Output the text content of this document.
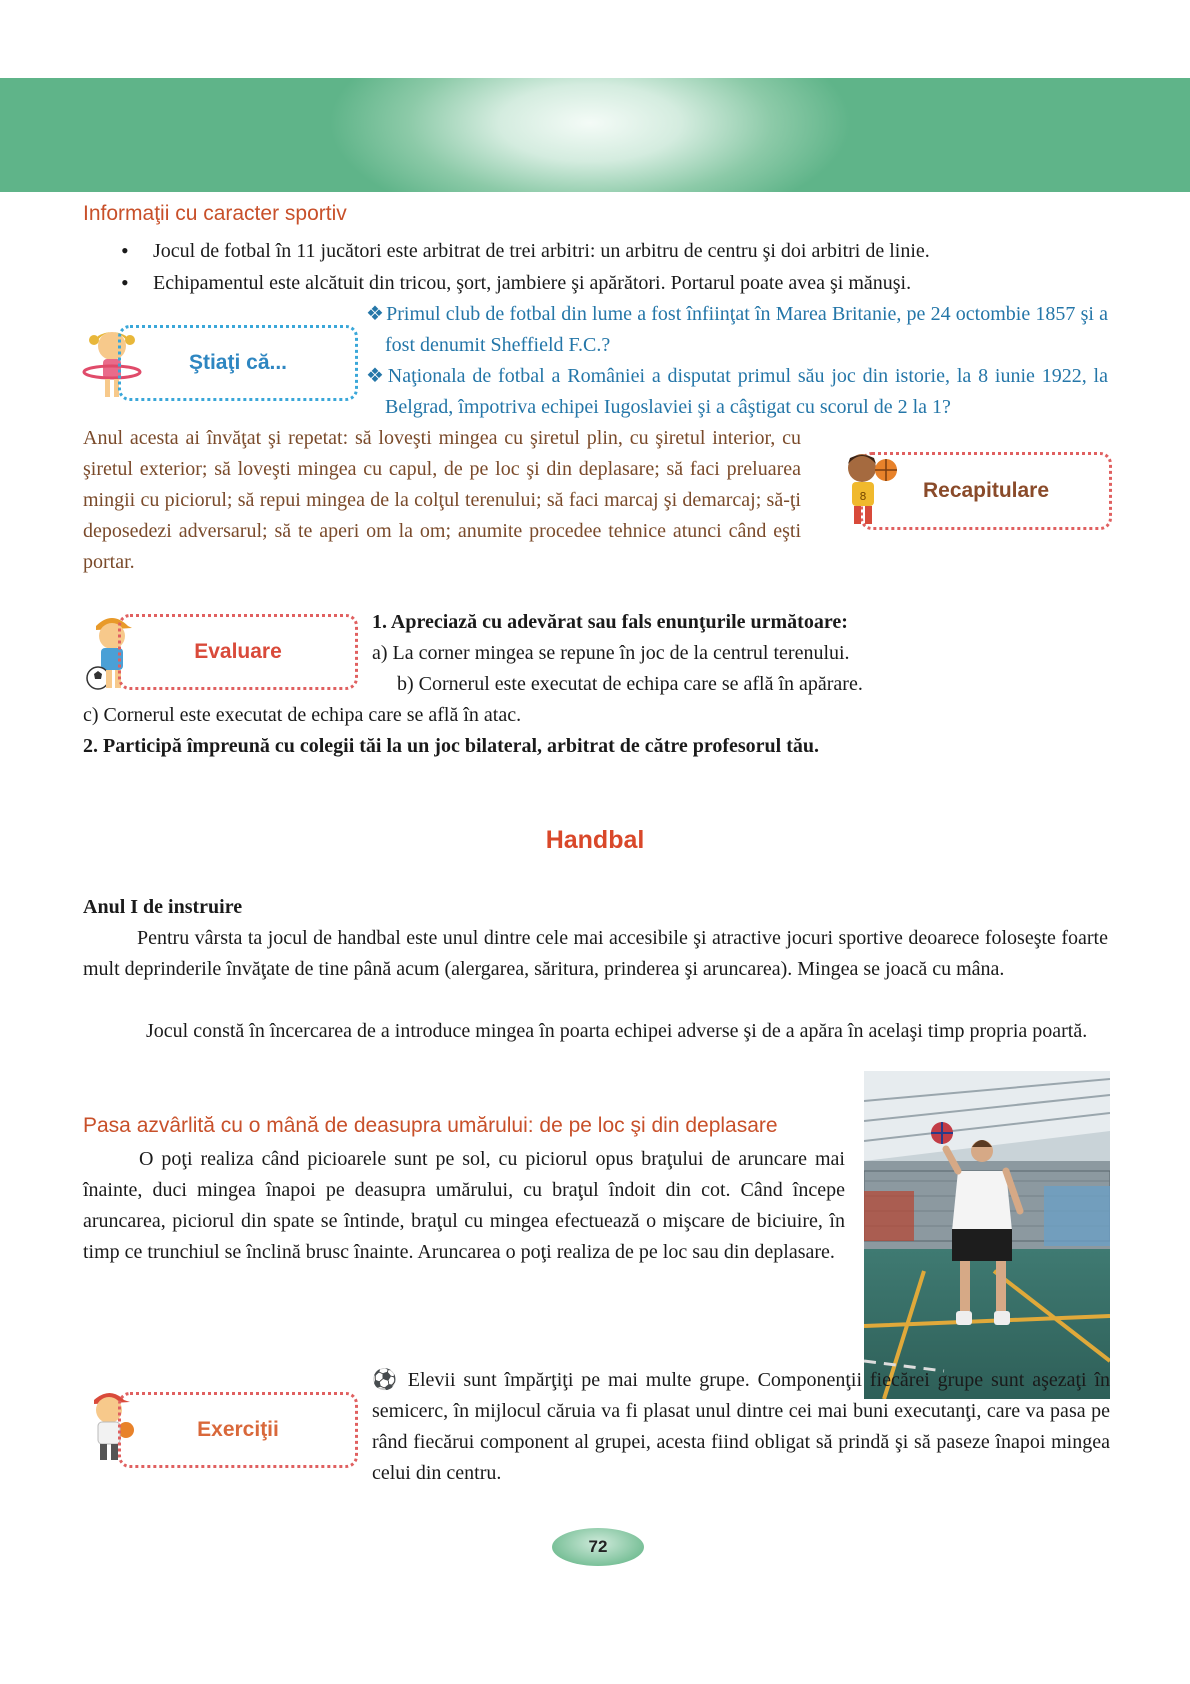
Informaţii cu caracter sportiv
• Jocul de fotbal în 11 jucători este arbitrat de trei arbitri: un arbitru de centru şi doi arbitri de linie.
• Echipamentul este alcătuit din tricou, şort, jambiere şi apărători. Portarul poate avea şi mănuşi.
Ştiaţi că...
❖ Primul club de fotbal din lume a fost înfiinţat în Marea Britanie, pe 24 octombie 1857 şi a fost denumit Sheffield F.C.?
❖ Naţionala de fotbal a României a disputat primul său joc din istorie, la 8 iunie 1922, la Belgrad, împotriva echipei Iugoslaviei şi a câştigat cu scorul de 2 la 1?
Anul acesta ai învăţat şi repetat: să loveşti mingea cu şiretul plin, cu şiretul interior, cu şiretul exterior; să loveşti mingea cu capul, de pe loc şi din deplasare; să faci preluarea mingii cu piciorul; să repui mingea de la colţul terenului; să faci marcaj şi demarcaj; să-ţi deposedezi adversarul; să te aperi om la om; anumite procedee tehnice atunci când eşti portar.
Recapitulare
8
Evaluare
1. Apreciază cu adevărat sau fals enunţurile următoare:
a) La corner mingea se repune în joc de la centrul terenului.
b) Cornerul este executat de echipa care se află în apărare.
c) Cornerul este executat de echipa care se află în atac.
2. Participă împreună cu colegii tăi la un joc bilateral, arbitrat de către profesorul tău.
Handbal
Anul I de instruire
Pentru vârsta ta jocul de handbal este unul dintre cele mai accesibile şi atractive jocuri sportive deoarece foloseşte foarte mult deprinderile învăţate de tine până acum (alergarea, săritura, prinderea şi aruncarea). Mingea se joacă cu mâna.
Jocul constă în încercarea de a introduce mingea în poarta echipei adverse şi de a apăra în acelaşi timp propria poartă.
Pasa azvârlită cu o mână de deasupra umărului: de pe loc şi din deplasare
O poţi realiza când picioarele sunt pe sol, cu piciorul opus braţului de aruncare mai înainte, duci mingea înapoi pe deasupra umărului, cu braţul îndoit din cot. Când începe aruncarea, piciorul din spate se întinde, braţul cu mingea efectuează o mişcare de biciuire, în timp ce trunchiul se înclină brusc înainte. Aruncarea o poţi realiza de pe loc sau din deplasare.
Exerciţii
⚽ Elevii sunt împărţiţi pe mai multe grupe. Componenţii fiecărei grupe sunt aşezaţi în semicerc, în mijlocul căruia va fi plasat unul dintre cei mai buni executanţi, care va pasa pe rând fiecărui component al grupei, acesta fiind obligat să prindă şi să paseze înapoi mingea celui din centru.
72
